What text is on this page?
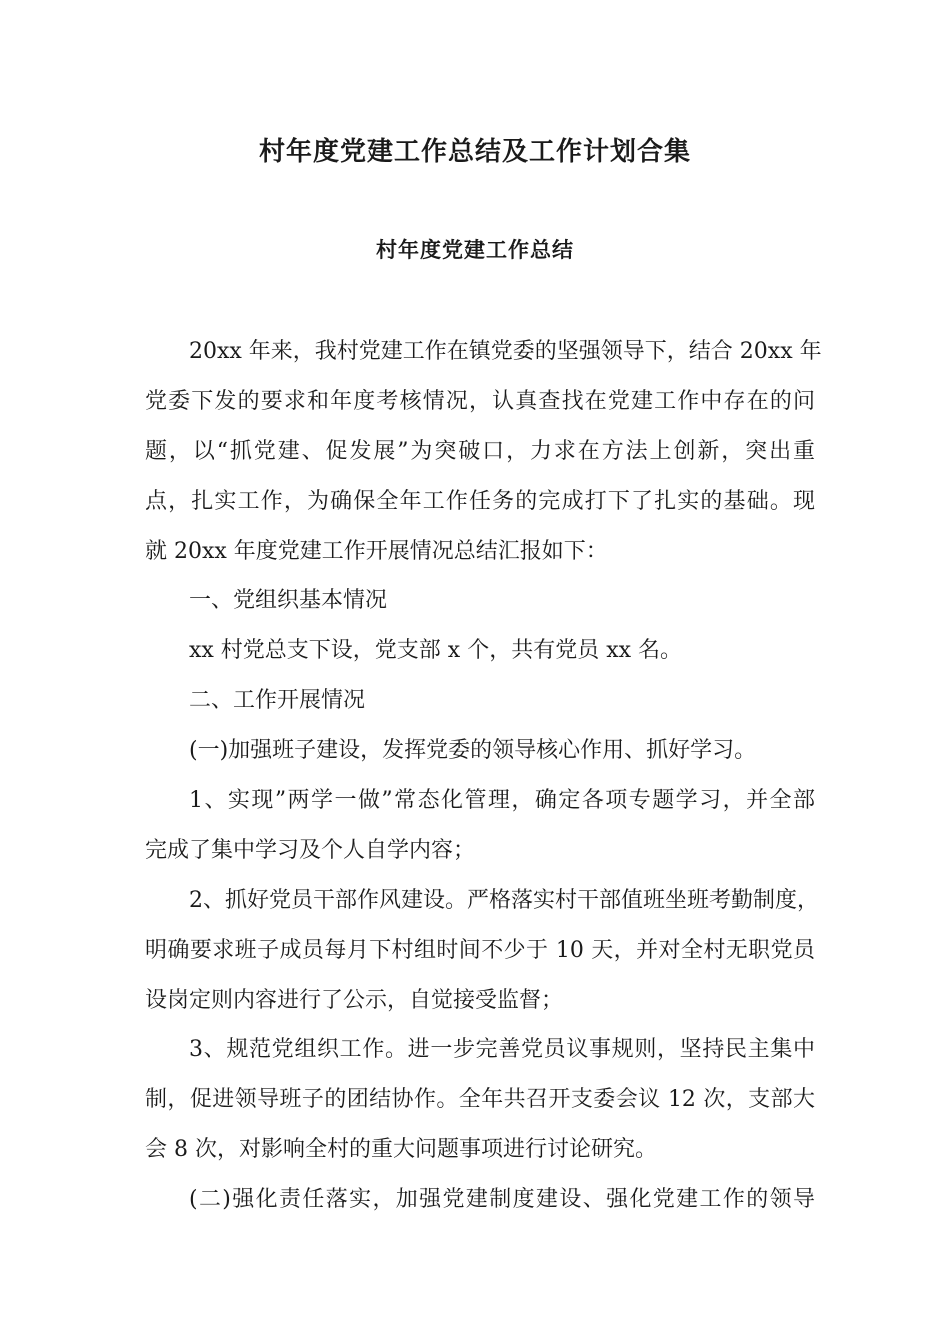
村年度党建工作总结及工作计划合集
村年度党建工作总结
20xx 年来，我村党建工作在镇党委的坚强领导下，结合 20xx 年
党委下发的要求和年度考核情况，认真查找在党建工作中存在的问
题，以“抓党建、促发展”为突破口，力求在方法上创新，突出重
点，扎实工作，为确保全年工作任务的完成打下了扎实的基础。现
就 20xx 年度党建工作开展情况总结汇报如下：
一、党组织基本情况
xx 村党总支下设，党支部 x 个，共有党员 xx 名。
二、工作开展情况
(一)加强班子建设，发挥党委的领导核心作用、抓好学习。
1、实现”两学一做”常态化管理，确定各项专题学习，并全部
完成了集中学习及个人自学内容；
2、抓好党员干部作风建设。严格落实村干部值班坐班考勤制度，
明确要求班子成员每月下村组时间不少于 10 天，并对全村无职党员
设岗定则内容进行了公示，自觉接受监督；
3、规范党组织工作。进一步完善党员议事规则，坚持民主集中
制，促进领导班子的团结协作。全年共召开支委会议 12 次，支部大
会 8 次，对影响全村的重大问题事项进行讨论研究。
(二)强化责任落实，加强党建制度建设、强化党建工作的领导
